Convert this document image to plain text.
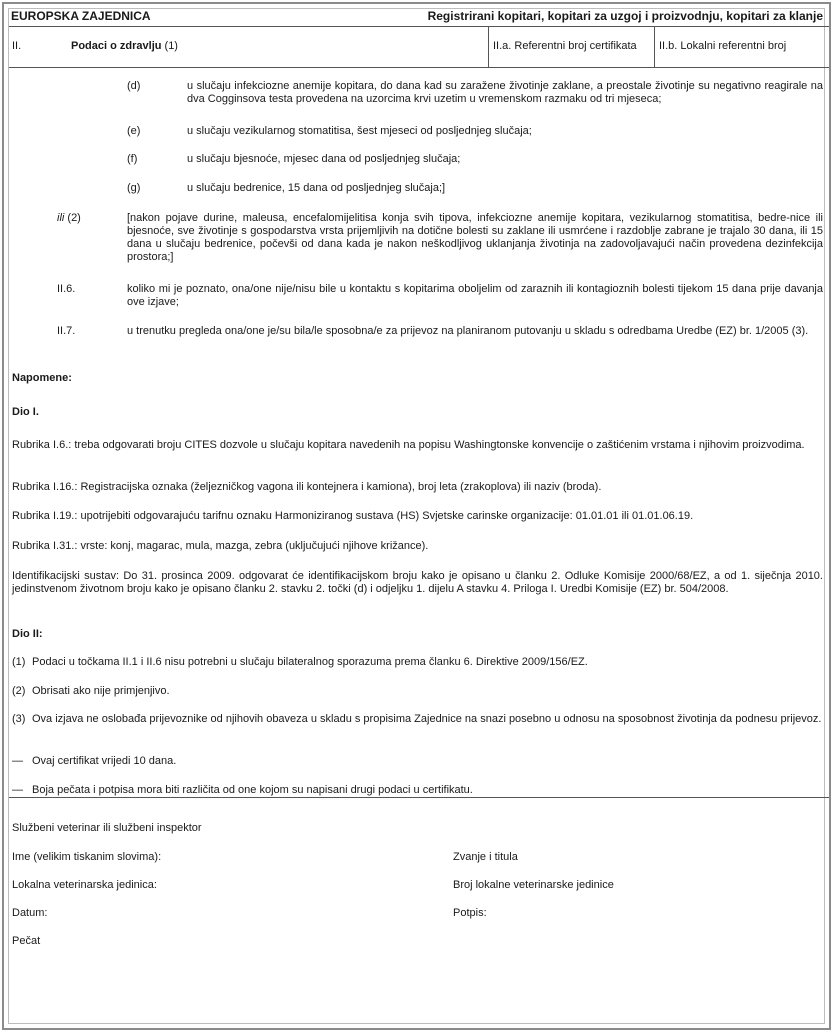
EUROPSKA ZAJEDNICA	Registrirani kopitari, kopitari za uzgoj i proizvodnju, kopitari za klanje
II.	Podaci o zdravlju (1)	II.a. Referentni broj certifikata II.b. Lokalni referentni broj
(d)	u slučaju infekciozne anemije kopitara, do dana kad su zaražene životinje zaklane, a preostale životinje su negativno reagirale na dva Cogginsova testa provedena na uzorcima krvi uzetim u vremenskom razmaku od tri mjeseca;
(e)	u slučaju vezikularnog stomatitisa, šest mjeseci od posljednjeg slučaja;
(f)	u slučaju bjesnoće, mjesec dana od posljednjeg slučaja;
(g)	u slučaju bedrenice, 15 dana od posljednjeg slučaja;]
ili (2)	[nakon pojave durine, maleusa, encefalomijelitisa konja svih tipova, infekciozne anemije kopitara, vezikularnog stomatitisa, bedre-nice ili bjesnoće, sve životinje s gospodarstva vrsta prijemljivih na dotične bolesti su zaklane ili usmrćene i razdoblje zabrane je trajalo 30 dana, ili 15 dana u slučaju bedrenice, počevši od dana kada je nakon neškodljivog uklanjanja životinja na zadovoljavajući način provedena dezinfekcija prostora;]
II.6.	koliko mi je poznato, ona/one nije/nisu bile u kontaktu s kopitarima oboljelim od zaraznih ili kontagioznih bolesti tijekom 15 dana prije davanja ove izjave;
II.7.	u trenutku pregleda ona/one je/su bila/le sposobna/e za prijevoz na planiranom putovanju u skladu s odredbama Uredbe (EZ) br. 1/2005 (3).
Napomene:
Dio I.
Rubrika I.6.: treba odgovarati broju CITES dozvole u slučaju kopitara navedenih na popisu Washingtonske konvencije o zaštićenim vrstama i njihovim proizvodima.
Rubrika I.16.: Registracijska oznaka (željezničkog vagona ili kontejnera i kamiona), broj leta (zrakoplova) ili naziv (broda).
Rubrika I.19.: upotrijebiti odgovarajuću tarifnu oznaku Harmoniziranog sustava (HS) Svjetske carinske organizacije: 01.01.01 ili 01.01.06.19.
Rubrika I.31.: vrste: konj, magarac, mula, mazga, zebra (uključujući njihove križance).
Identifikacijski sustav: Do 31. prosinca 2009. odgovarat će identifikacijskom broju kako je opisano u članku 2. Odluke Komisije 2000/68/EZ, a od 1. siječnja 2010. jedinstvenom životnom broju kako je opisano članku 2. stavku 2. točki (d) i odjeljku 1. dijelu A stavku 4. Priloga I. Uredbi Komisije (EZ) br. 504/2008.
Dio II:
(1) Podaci u točkama II.1 i II.6 nisu potrebni u slučaju bilateralnog sporazuma prema članku 6. Direktive 2009/156/EZ.
(2) Obrisati ako nije primjenjivo.
(3) Ova izjava ne oslobađa prijevoznike od njihovih obaveza u skladu s propisima Zajednice na snazi posebno u odnosu na sposobnost životinja da podnesu prijevoz.
— Ovaj certifikat vrijedi 10 dana.
— Boja pečata i potpisa mora biti različita od one kojom su napisani drugi podaci u certifikatu.
Službeni veterinar ili službeni inspektor
Ime (velikim tiskanim slovima):	Zvanje i titula
Lokalna veterinarska jedinica:	Broj lokalne veterinarske jedinice
Datum:	Potpis:
Pečat
